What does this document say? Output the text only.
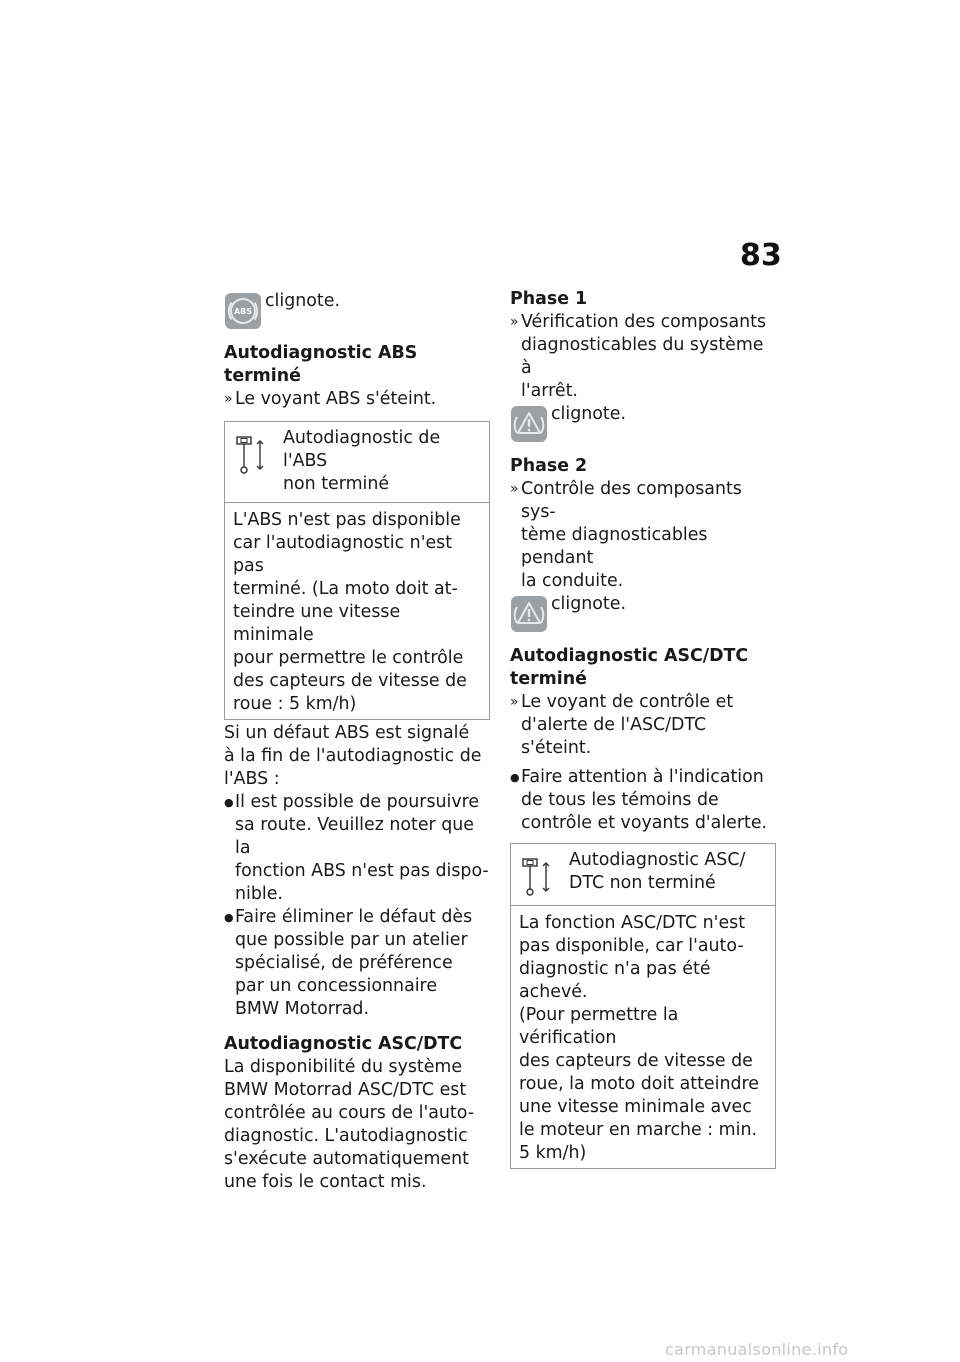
83
ABS
clignote.

Autodiagnostic ABS terminé

» Le voyant ABS s'éteint.

Autodiagnostic de l'ABS
non terminé
L'ABS n'est pas disponible
car l'autodiagnostic n'est pas
terminé. (La moto doit at-
teindre une vitesse minimale
pour permettre le contrôle
des capteurs de vitesse de
roue : 5 km/h)
Si un défaut ABS est signalé
à la fin de l'autodiagnostic de
l'ABS :
● Il est possible de poursuivre
sa route. Veuillez noter que la
fonction ABS n'est pas dispo-
nible.
● Faire éliminer le défaut dès
que possible par un atelier
spécialisé, de préférence
par un concessionnaire
BMW Motorrad.

Autodiagnostic ASC/DTC

La disponibilité du système
BMW Motorrad ASC/DTC est
contrôlée au cours de l'auto-
diagnostic. L'autodiagnostic
s'exécute automatiquement
une fois le contact mis.

Phase 1

» Vérification des composants
diagnosticables du système à
l'arrêt.
clignote.

Phase 2

» Contrôle des composants sys-
tème diagnosticables pendant
la conduite.
clignote.
Autodiagnostic ASC/DTC
terminé
» Le voyant de contrôle et
d'alerte de l'ASC/DTC s'éteint.
● Faire attention à l'indication
de tous les témoins de
contrôle et voyants d'alerte.
Autodiagnostic ASC/
DTC non terminé
La fonction ASC/DTC n'est
pas disponible, car l'auto-
diagnostic n'a pas été achevé.
(Pour permettre la vérification
des capteurs de vitesse de
roue, la moto doit atteindre
une vitesse minimale avec
le moteur en marche : min.
5 km/h)
carmanualsonline.info
